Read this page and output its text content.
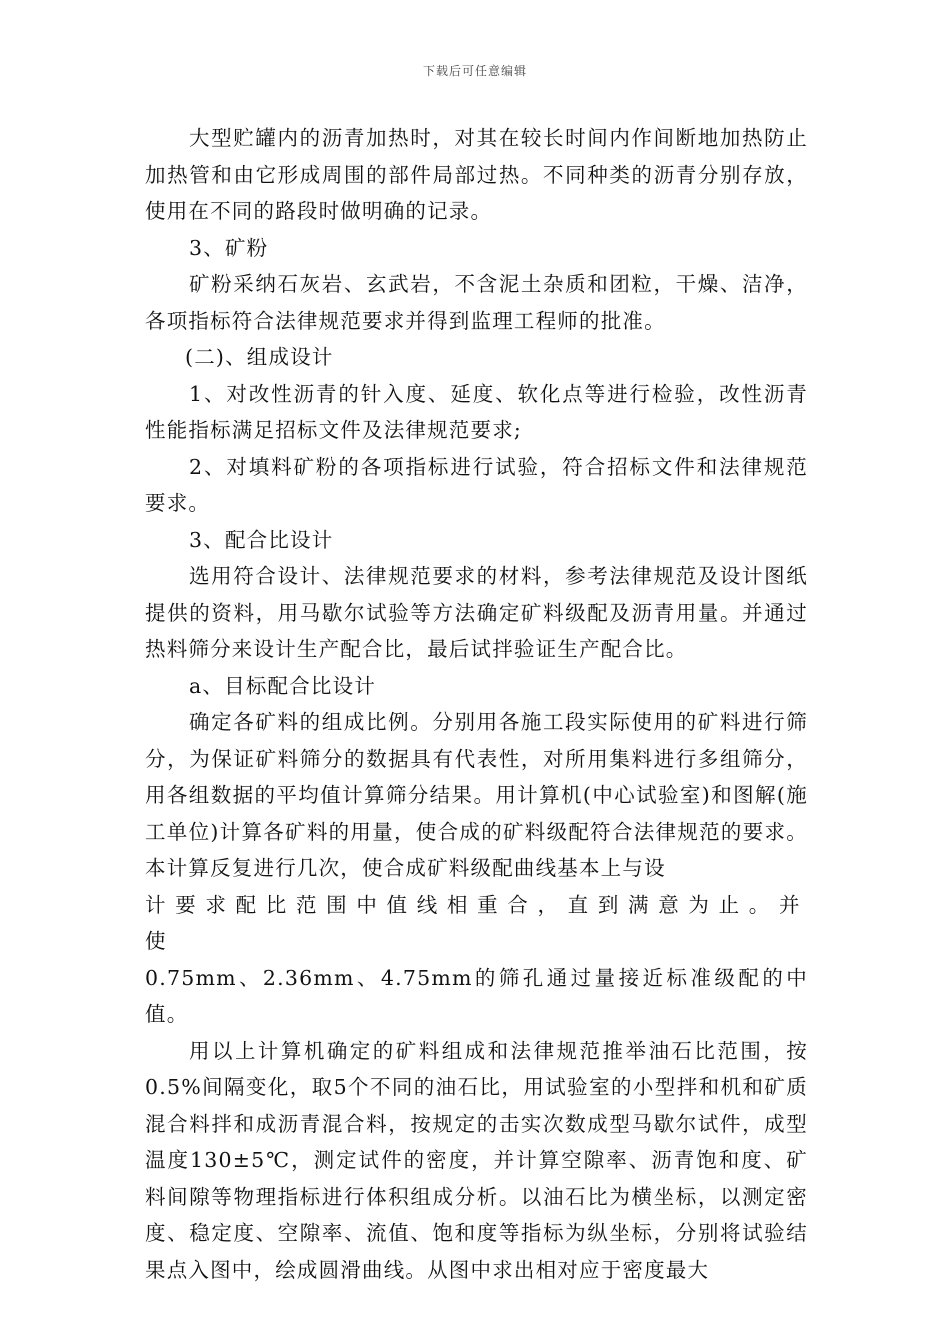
下载后可任意编辑

大型贮罐内的沥青加热时，对其在较长时间内作间断地加热防止加热管和由它形成周围的部件局部过热。不同种类的沥青分别存放，使用在不同的路段时做明确的记录。

3、矿粉

矿粉采纳石灰岩、玄武岩，不含泥土杂质和团粒，干燥、洁净，各项指标符合法律规范要求并得到监理工程师的批准。

(二)、组成设计

1、对改性沥青的针入度、延度、软化点等进行检验，改性沥青性能指标满足招标文件及法律规范要求;

2、对填料矿粉的各项指标进行试验，符合招标文件和法律规范要求。

3、配合比设计

选用符合设计、法律规范要求的材料，参考法律规范及设计图纸提供的资料，用马歇尔试验等方法确定矿料级配及沥青用量。并通过热料筛分来设计生产配合比，最后试拌验证生产配合比。

a、目标配合比设计

确定各矿料的组成比例。分别用各施工段实际使用的矿料进行筛分，为保证矿料筛分的数据具有代表性，对所用集料进行多组筛分，用各组数据的平均值计算筛分结果。用计算机(中心试验室)和图解(施工单位)计算各矿料的用量，使合成的矿料级配符合法律规范的要求。本计算反复进行几次，使合成矿料级配曲线基本上与设

计要求配比范围中值线相重合，直到满意为止。并使

0.75mm、2.36mm、4.75mm的筛孔通过量接近标准级配的中值。

用以上计算机确定的矿料组成和法律规范推举油石比范围，按0.5%间隔变化，取5个不同的油石比，用试验室的小型拌和机和矿质混合料拌和成沥青混合料，按规定的击实次数成型马歇尔试件，成型温度130±5℃，测定试件的密度，并计算空隙率、沥青饱和度、矿料间隙等物理指标进行体积组成分析。以油石比为横坐标，以测定密度、稳定度、空隙率、流值、饱和度等指标为纵坐标，分别将试验结果点入图中，绘成圆滑曲线。从图中求出相对应于密度最大
